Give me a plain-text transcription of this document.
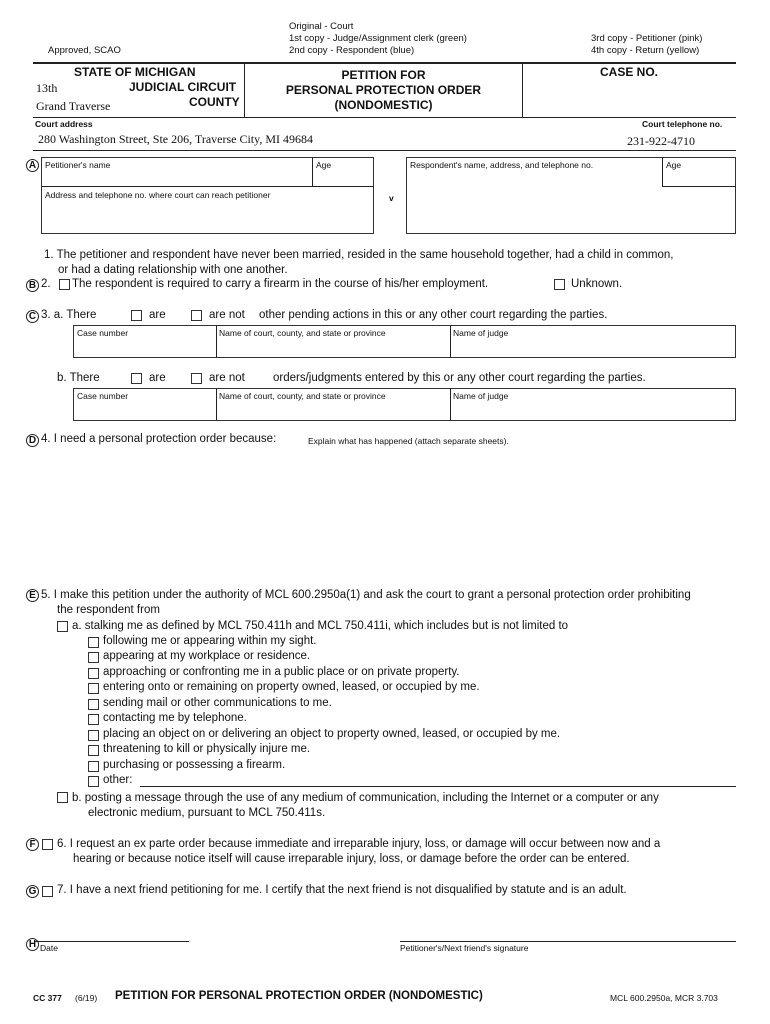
Approved, SCAO
Original - Court
1st copy - Judge/Assignment clerk (green)
2nd copy - Respondent (blue)
3rd copy - Petitioner (pink)
4th copy - Return (yellow)
STATE OF MICHIGAN
13th	JUDICIAL CIRCUIT
Grand Traverse	COUNTY
PETITION FOR
PERSONAL PROTECTION ORDER
(NONDOMESTIC)
CASE NO.
Court address	Court telephone no.
280 Washington Street, Ste 206, Traverse City, MI 49684	231-922-4710
A	Petitioner's name	Age
Address and telephone no. where court can reach petitioner	v
Respondent's name, address, and telephone no.	Age
1. The petitioner and respondent have never been married, resided in the same household together, had a child in common,
or had a dating relationship with one another.
B 2. The respondent is required to carry a firearm in the course of his/her employment.	Unknown.
C 3. a. There	are	are not other pending actions in this or any other court regarding the parties.
Case number	Name of court, county, and state or province	Name of judge
b. There	are	are not orders/judgments entered by this or any other court regarding the parties.
Case number	Name of court, county, and state or province	Name of judge
D 4. I need a personal protection order because:	Explain what has happened (attach separate sheets).
E 5. I make this petition under the authority of MCL 600.2950a(1) and ask the court to grant a personal protection order prohibiting
the respondent from
a. stalking me as defined by MCL 750.411h and MCL 750.411i, which includes but is not limited to
following me or appearing within my sight.
appearing at my workplace or residence.
approaching or confronting me in a public place or on private property.
entering onto or remaining on property owned, leased, or occupied by me.
sending mail or other communications to me.
contacting me by telephone.
placing an object on or delivering an object to property owned, leased, or occupied by me.
threatening to kill or physically injure me.
purchasing or possessing a firearm.
other:
b. posting a message through the use of any medium of communication, including the Internet or a computer or any
electronic medium, pursuant to MCL 750.411s.
F	6. I request an ex parte order because immediate and irreparable injury, loss, or damage will occur between now and a
hearing or because notice itself will cause irreparable injury, loss, or damage before the order can be entered.
G 7. I have a next friend petitioning for me. I certify that the next friend is not disqualified by statute and is an adult.
H Date	Petitioner's/Next friend's signature
CC 377 (6/19) PETITION FOR PERSONAL PROTECTION ORDER (NONDOMESTIC)	MCL 600.2950a, MCR 3.703
